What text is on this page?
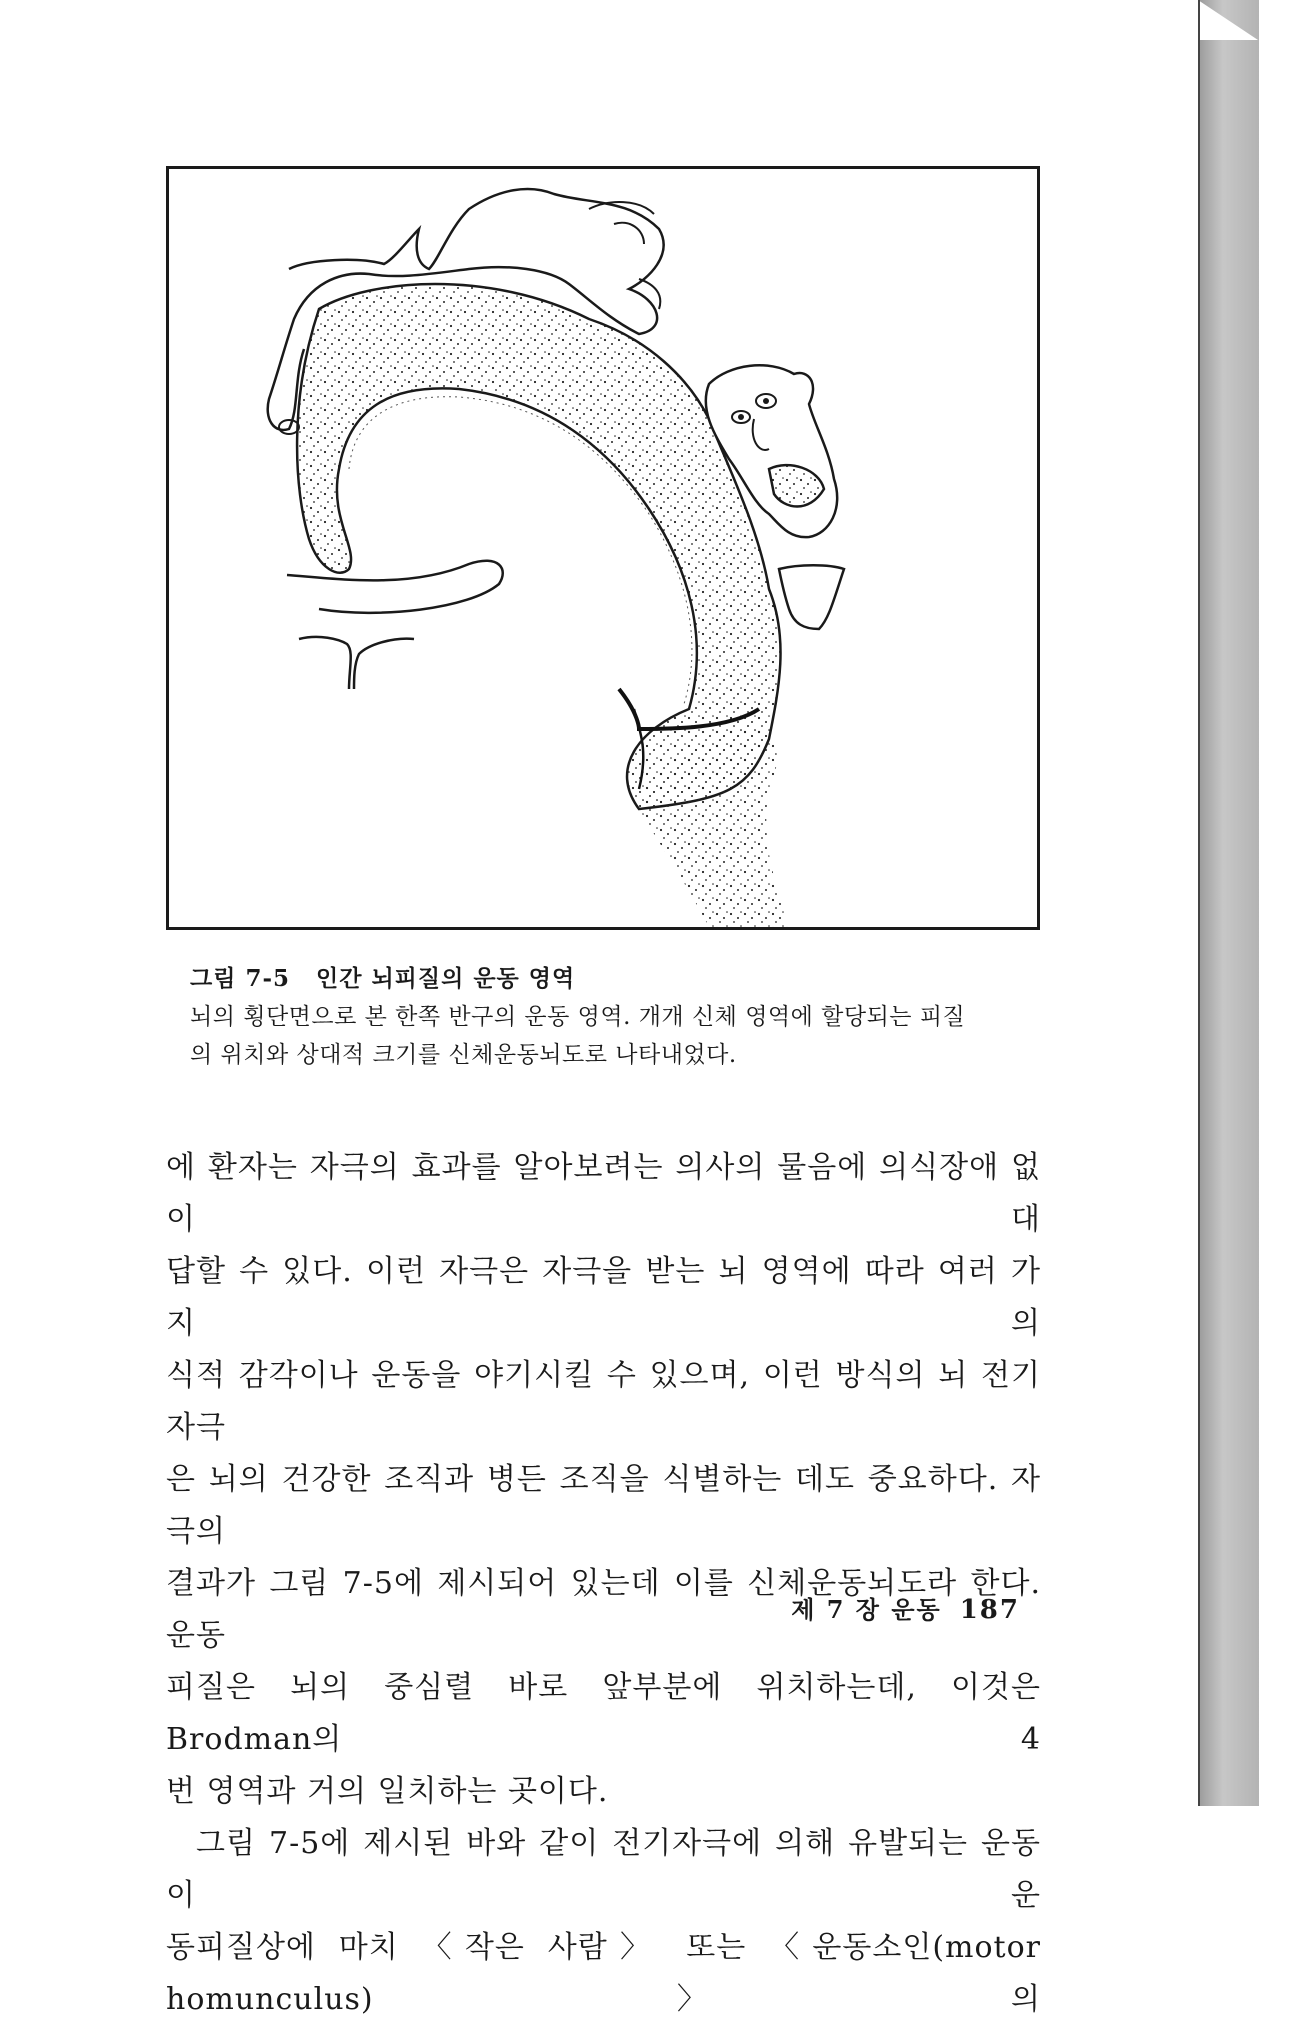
그림 7-5 인간 뇌피질의 운동 영역
뇌의 횡단면으로 본 한쪽 반구의 운동 영역. 개개 신체 영역에 할당되는 피질
의 위치와 상대적 크기를 신체운동뇌도로 나타내었다.

에 환자는 자극의 효과를 알아보려는 의사의 물음에 의식장애 없이 대

답할 수 있다. 이런 자극은 자극을 받는 뇌 영역에 따라 여러 가지 의

식적 감각이나 운동을 야기시킬 수 있으며, 이런 방식의 뇌 전기자극

은 뇌의 건강한 조직과 병든 조직을 식별하는 데도 중요하다. 자극의

결과가 그림 7-5에 제시되어 있는데 이를 신체운동뇌도라 한다. 운동

피질은 뇌의 중심렬 바로 앞부분에 위치하는데, 이것은 Brodman의 4

번 영역과 거의 일치하는 곳이다.

그림 7-5에 제시된 바와 같이 전기자극에 의해 유발되는 운동이 운

동피질상에 마치 〈작은 사람〉 또는 〈운동소인(motor homunculus)〉의

제 7 장 운동 187
